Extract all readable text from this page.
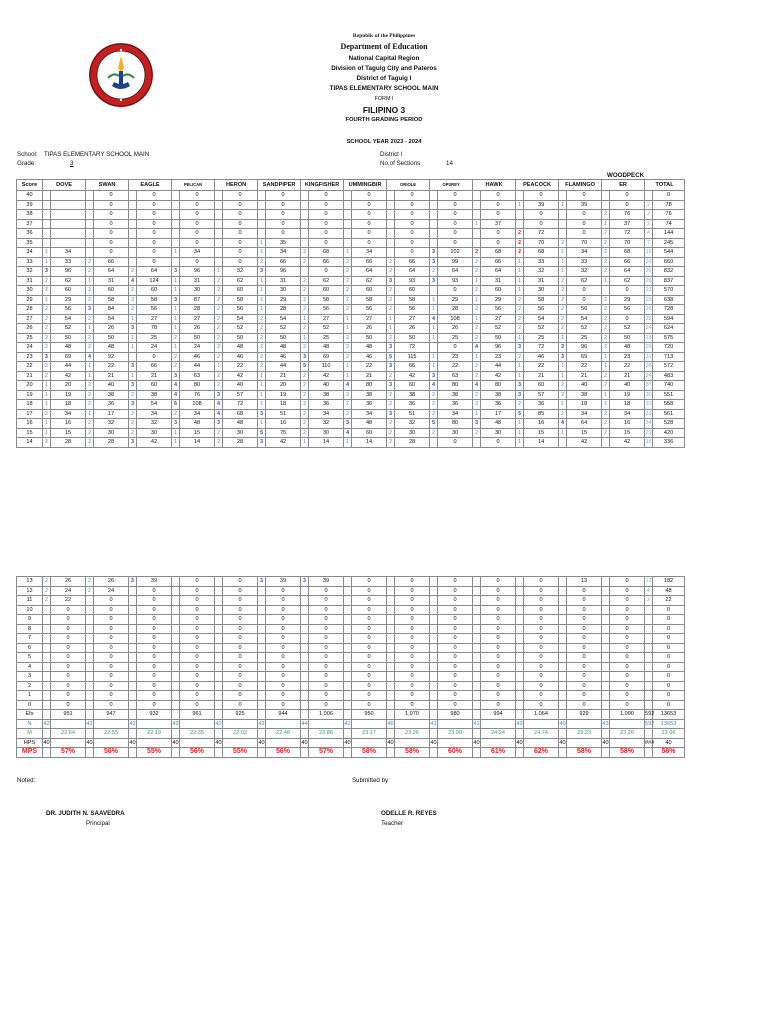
Republic of the Philippines
Department of Education
National Capital Region
Division of Taguig City and Pateros
District of Taguig I
TIPAS ELEMENTARY SCHOOL MAIN
FORM I
FILIPINO 3
FOURTH GRADING PERIOD
SCHOOL YEAR 2023 - 2024
School: TIPAS ELEMENTARY SCHOOL MAIN
Grade:	3
District I
No.of Sections	14
WOODPECK
Score	DOVE		SWAN		EAGLE		PELICAN		HERON		SANDPIPER		KINGFISHER		UMMINGBIR		ORIOLE		OPSREY		HAWK		PEACOCK		FLAMINGO		ER		TOTAL	
40				0		0		0		0		0		0		0		0		0		0		0		0		0		0
39				0		0		0		0		0		0		0		0		0		0	1	39	1	39		0	2	78
38				0		0		0		0		0		0		0		0		0		0		0		0	2	76	2	76
37				0		0		0		0		0		0		0		0		0	1	37		0		0	1	37	2	74
36				0		0		0		0		0		0		0		0		0		0	2	72		0	2	72	4	144
35				0		0		0		0	1	35		0		0		0		0		0	2	70	2	70	2	70	7	245
34	1	34		0		0	1	34		0	1	34	2	68	1	34		0	3	102	2	68	2	68	1	34	2	68	16	544
33	1	33	2	66		0		0		0	2	66	2	66	2	66	2	66	3	99	2	66	1	33	1	33	2	66	20	660
32	3	96	2	64	2	64	3	96	1	32	3	96		0	2	64	2	64	2	64	2	64	1	32	1	32	2	64	26	832
31	2	62	1	31	4	124	1	31	2	62	1	31	2	62	2	62	3	93	3	93	1	31	1	31	2	62	1	62	26	837
30	2	60	2	60	2	60	1	30	2	60	1	30	2	60	2	60	2	60		0	2	60	1	30	2	0		0	23	570
29	1	29	2	58	2	58	3	87	2	58	1	29	2	58	2	58	2	58	1	29	1	29	2	58	2	0	2	29	25	638
28	2	56	3	84	2	56	1	28	2	56	1	28	2	56	2	56	2	56	1	28	2	56	2	56	2	56	2	56	26	728
27	2	54	2	54	1	27	1	27	2	54	2	54	1	27	1	27	1	27	4	108	1	27	2	54	2	54	2	0	22	594
26	2	52	1	26	3	78	1	26	2	52	2	52	2	52	1	26	1	26	1	26	2	52	2	52	2	52	2	52	24	624
25	2	50	2	50	1	25	2	50	2	50	2	50	1	25	2	50	2	50	1	25	2	50	1	25	1	25	2	50	23	575
24	2	48	2	48	1	24	1	24	2	48	2	48	2	48	2	48	3	72		0	4	96	3	72	3	96	2	48	29	720
23	3	69	4	92		0	2	46	2	46	2	46	3	69	2	46	5	115	1	23	1	23	2	46	3	69	1	23	31	713
22	2	44	1	22	3	66	2	44	1	22	2	44	5	110	1	22	3	66	1	22	2	44	1	22	1	22	1	22	26	572
21	2	42	1	21	1	21	3	63	2	42	1	21	2	42	1	21	2	42	3	63	2	42	1	21	1	21	2	21	24	483
20	1	20	2	40	3	60	4	80	2	40	1	20	2	40	4	80	3	60	4	80	4	80	3	60	2	40	2	40	37	740
19	1	19	2	38	2	38	4	76	3	57	1	19	2	38	2	38	2	38	2	38	2	38	3	57	2	38	1	19	30	551
18	1	18	2	36	3	54	6	108	4	72	1	18	2	36	2	36	2	36	2	36	2	36	2	36	1	18	1	18	31	558
17	2	34	1	17	2	34	2	34	4	68	3	51	2	34	2	34	3	51	2	34	1	17	5	85	2	34	2	34	33	561
16	1	16	2	32	2	32	3	48	3	48	1	16	2	32	3	48	2	32	5	80	3	48	1	16	4	64	2	16	34	528
15	1	15	2	30	2	30	1	15	2	30	5	75	2	30	4	60	2	30	2	30	2	30	1	15	1	15	2	15	29	420
14	2	28	2	28	3	42	1	14	2	28	3	42	1	14	1	14	2	28		0		0	1	14		42		42	18	336
13	2	26	2	26	3	39		0		0	3	39	3	39		0		0		0		0		0		13		0	13	182
12	2	24	2	24		0		0		0		0		0		0		0		0		0		0		0		0	4	48
11	2	22		0		0		0		0		0		0		0		0		0		0		0		0		0	2	22
10		0		0		0		0		0		0		0		0		0		0		0		0		0		0		0
9		0		0		0		0		0		0		0		0		0		0		0		0		0		0		0
8		0		0		0		0		0		0		0		0		0		0		0		0		0		0		0
7		0		0		0		0		0		0		0		0		0		0		0		0		0		0		0
6		0		0		0		0		0		0		0		0		0		0		0		0		0		0		0
5		0		0		0		0		0		0		0		0		0		0		0		0		0		0		0
4		0		0		0		0		0		0		0		0		0		0		0		0		0		0		0
3		0		0		0		0		0		0		0		0		0		0		0		0		0		0		0
2		0		0		0		0		0		0		0		0		0		0		0		0		0		0		0
1		0		0		0		0		0		0		0		0		0		0		0		0		0		0		0
0		0		0		0		0		0		0		0		0		0		0		0		0		0		0		0
Efx		951		947		932		961		925		944		1,006		950		1,070		980		994		1,064		929		1,000	592	13653
N	42		42		42		43		42		42		44		41		46		41		41		43		40		43		592	13653
M		22.64		22.55		22.19		22.35		22.02		22.48		22.86		23.17		23.26		23.90		24.24		24.74		23.23		23.26		23.06
HPS	40		40		40		40		40		40		40		40		40		40		40		40		40		40		###	40
MPS		57%		56%		55%		56%		55%		56%		57%		58%		58%		60%		61%		62%		58%		58%		58%
Noted:	Submitted by:
DR. JUDITH N. SAAVEDRA
Principal
ODELLE R. REYES
Teacher
